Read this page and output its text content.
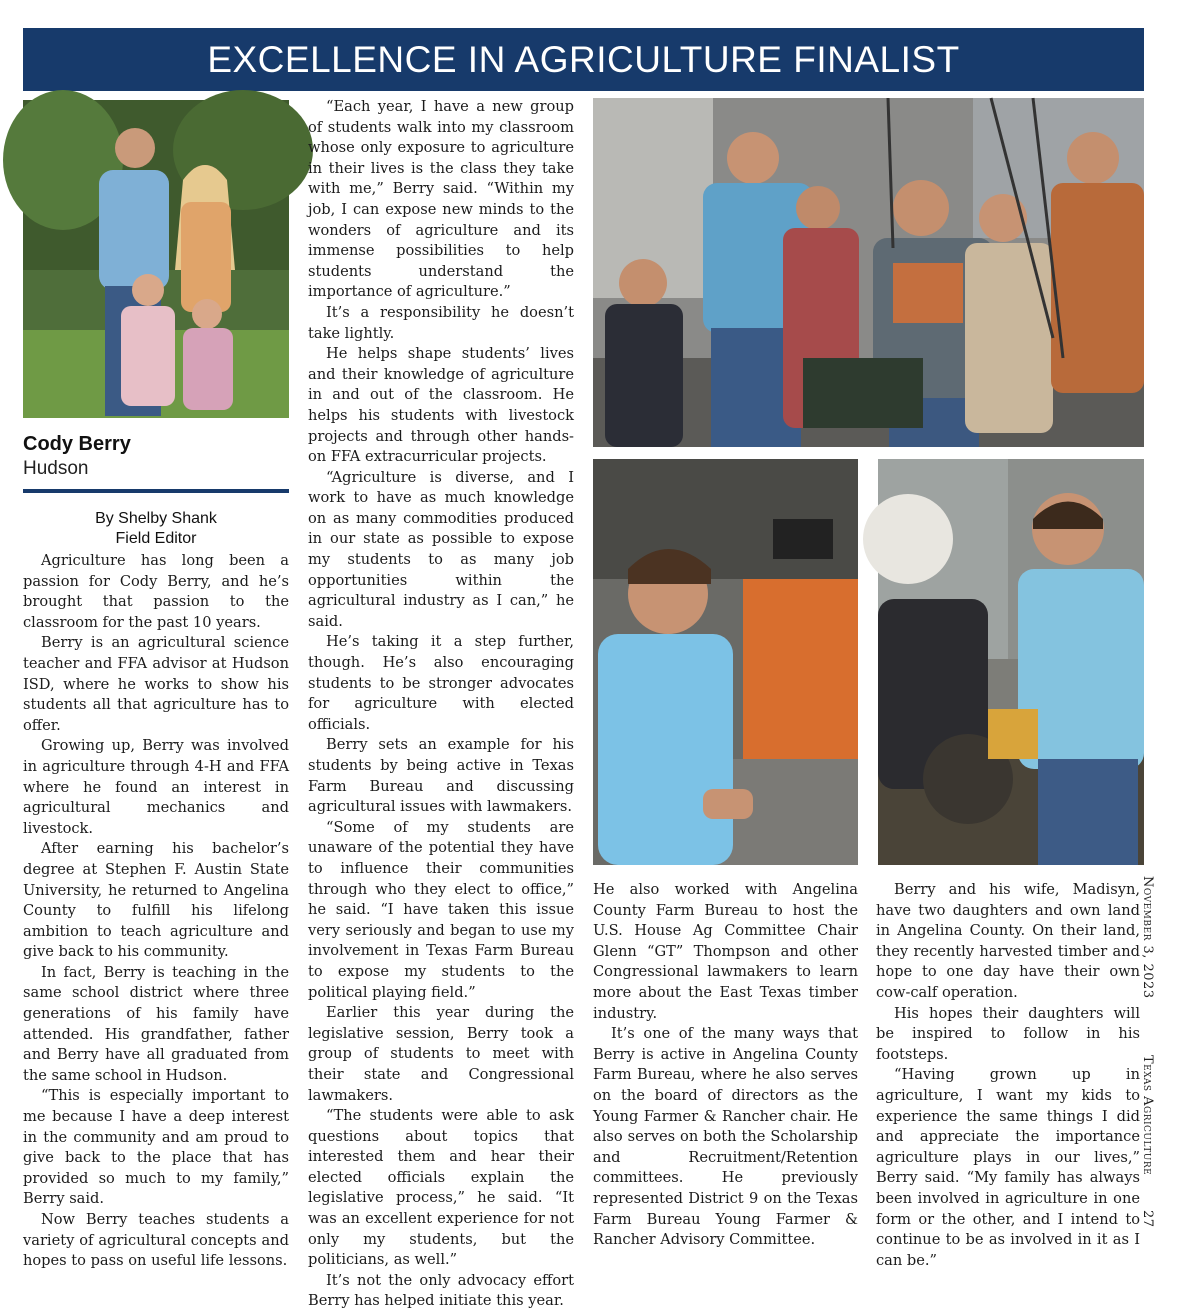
EXCELLENCE IN AGRICULTURE FINALIST
Cody Berry
Hudson
By Shelby Shank
Field Editor

Agriculture has long been a passion for Cody Berry, and he’s brought that passion to the classroom for the past 10 years.

Berry is an agricultural science teacher and FFA advisor at Hudson ISD, where he works to show his students all that agriculture has to offer.

Growing up, Berry was involved in agriculture through 4-H and FFA where he found an interest in agricultural mechanics and livestock.

After earning his bachelor’s degree at Stephen F. Austin State University, he returned to Angelina County to fulfill his lifelong ambition to teach agriculture and give back to his community.

In fact, Berry is teaching in the same school district where three generations of his family have attended. His grandfather, father and Berry have all graduated from the same school in Hudson.

“This is especially important to me because I have a deep interest in the community and am proud to give back to the place that has provided so much to my family,” Berry said.

Now Berry teaches students a variety of agricultural concepts and hopes to pass on useful life lessons.

“Each year, I have a new group of students walk into my classroom whose only exposure to agriculture in their lives is the class they take with me,” Berry said. “Within my job, I can expose new minds to the wonders of agriculture and its immense possibilities to help students understand the importance of agriculture.”

It’s a responsibility he doesn’t take lightly.

He helps shape students’ lives and their knowledge of agriculture in and out of the classroom. He helps his students with livestock projects and through other hands-on FFA extracurricular projects.

“Agriculture is diverse, and I work to have as much knowledge on as many commodities produced in our state as possible to expose my students to as many job opportunities within the agricultural industry as I can,” he said.

He’s taking it a step further, though. He’s also encouraging students to be stronger advocates for agriculture with elected officials.

Berry sets an example for his students by being active in Texas Farm Bureau and discussing agricultural issues with lawmakers.

“Some of my students are unaware of the potential they have to influence their communities through who they elect to office,” he said. “I have taken this issue very seriously and began to use my involvement in Texas Farm Bureau to expose my students to the political playing field.”

Earlier this year during the legislative session, Berry took a group of students to meet with their state and Congressional lawmakers.

“The students were able to ask questions about topics that interested them and hear their elected officials explain the legislative process,” he said. “It was an excellent experience for not only my students, but the politicians, as well.”

It’s not the only advocacy effort Berry has helped initiate this year.

He also worked with Angelina County Farm Bureau to host the U.S. House Ag Committee Chair Glenn “GT” Thompson and other Congressional lawmakers to learn more about the East Texas timber industry.

It’s one of the many ways that Berry is active in Angelina County Farm Bureau, where he also serves on the board of directors as the Young Farmer & Rancher chair. He also serves on both the Scholarship and Recruitment/Retention committees. He previously represented District 9 on the Texas Farm Bureau Young Farmer & Rancher Advisory Committee.

Berry and his wife, Madisyn, have two daughters and own land in Angelina County. On their land, they recently harvested timber and hope to one day have their own cow-calf operation.

His hopes their daughters will be inspired to follow in his footsteps.

“Having grown up in agriculture, I want my kids to experience the same things I did and appreciate the importance agriculture plays in our lives,” Berry said. “My family has always been involved in agriculture in one form or the other, and I intend to continue to be as involved in it as I can be.”

November 3, 2023
Texas Agriculture
27
